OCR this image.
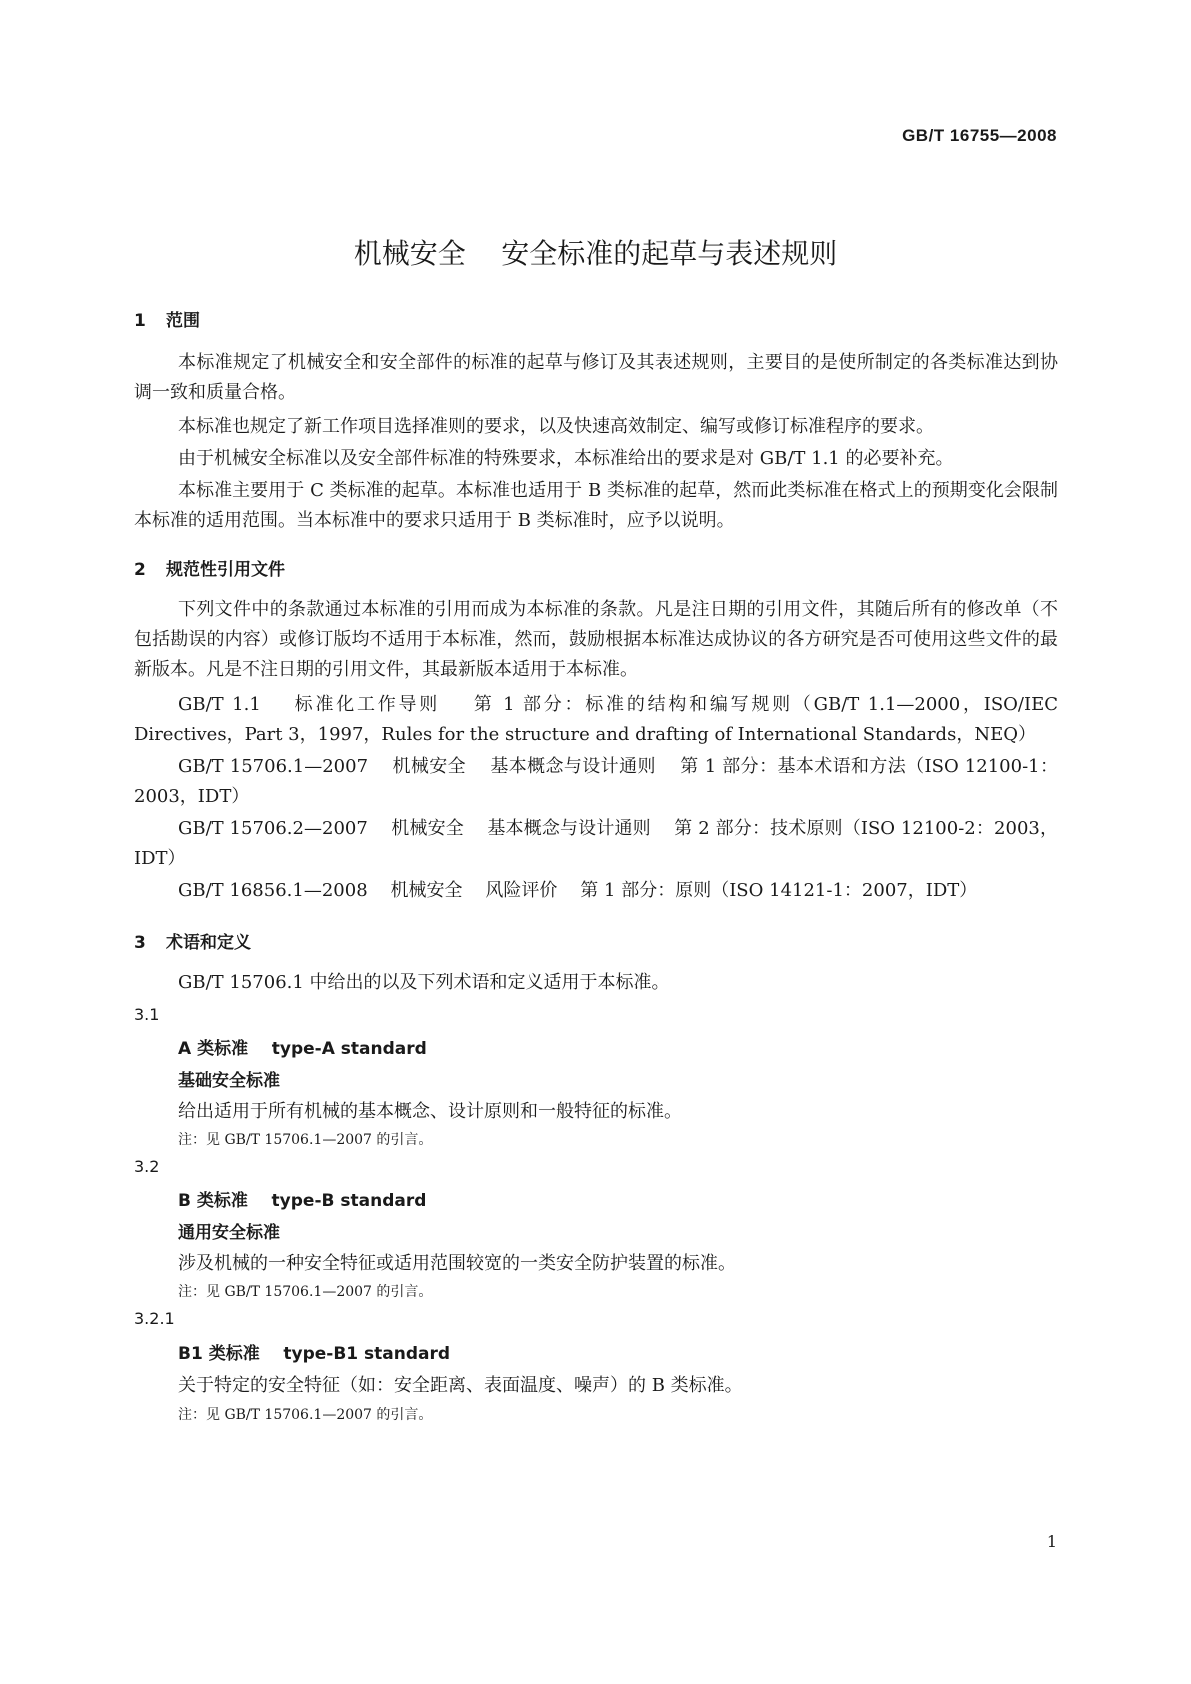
GB/T 16755—2008
机械安全    安全标准的起草与表述规则
1 范围
本标准规定了机械安全和安全部件的标准的起草与修订及其表述规则，主要目的是使所制定的各类标准达到协调一致和质量合格。
本标准也规定了新工作项目选择准则的要求，以及快速高效制定、编写或修订标准程序的要求。
由于机械安全标准以及安全部件标准的特殊要求，本标准给出的要求是对 GB/T 1.1 的必要补充。
本标准主要用于 C 类标准的起草。本标准也适用于 B 类标准的起草，然而此类标准在格式上的预期变化会限制本标准的适用范围。当本标准中的要求只适用于 B 类标准时，应予以说明。
2 规范性引用文件
下列文件中的条款通过本标准的引用而成为本标准的条款。凡是注日期的引用文件，其随后所有的修改单（不包括勘误的内容）或修订版均不适用于本标准，然而，鼓励根据本标准达成协议的各方研究是否可使用这些文件的最新版本。凡是不注日期的引用文件，其最新版本适用于本标准。
GB/T 1.1    标准化工作导则    第 1 部分：标准的结构和编写规则（GB/T 1.1—2000，ISO/IEC Directives，Part 3，1997，Rules for the structure and drafting of International Standards，NEQ）
GB/T 15706.1—2007    机械安全    基本概念与设计通则    第 1 部分：基本术语和方法（ISO 12100-1：2003，IDT）
GB/T 15706.2—2007    机械安全    基本概念与设计通则    第 2 部分：技术原则（ISO 12100-2：2003，IDT）
GB/T 16856.1—2008    机械安全    风险评价    第 1 部分：原则（ISO 14121-1：2007，IDT）
3 术语和定义
GB/T 15706.1 中给出的以及下列术语和定义适用于本标准。
3.1
A 类标准    type-A standard
基础安全标准
给出适用于所有机械的基本概念、设计原则和一般特征的标准。
注：见 GB/T 15706.1—2007 的引言。
3.2
B 类标准    type-B standard
通用安全标准
涉及机械的一种安全特征或适用范围较宽的一类安全防护装置的标准。
注：见 GB/T 15706.1—2007 的引言。
3.2.1
B1 类标准    type-B1 standard
关于特定的安全特征（如：安全距离、表面温度、噪声）的 B 类标准。
注：见 GB/T 15706.1—2007 的引言。
1
